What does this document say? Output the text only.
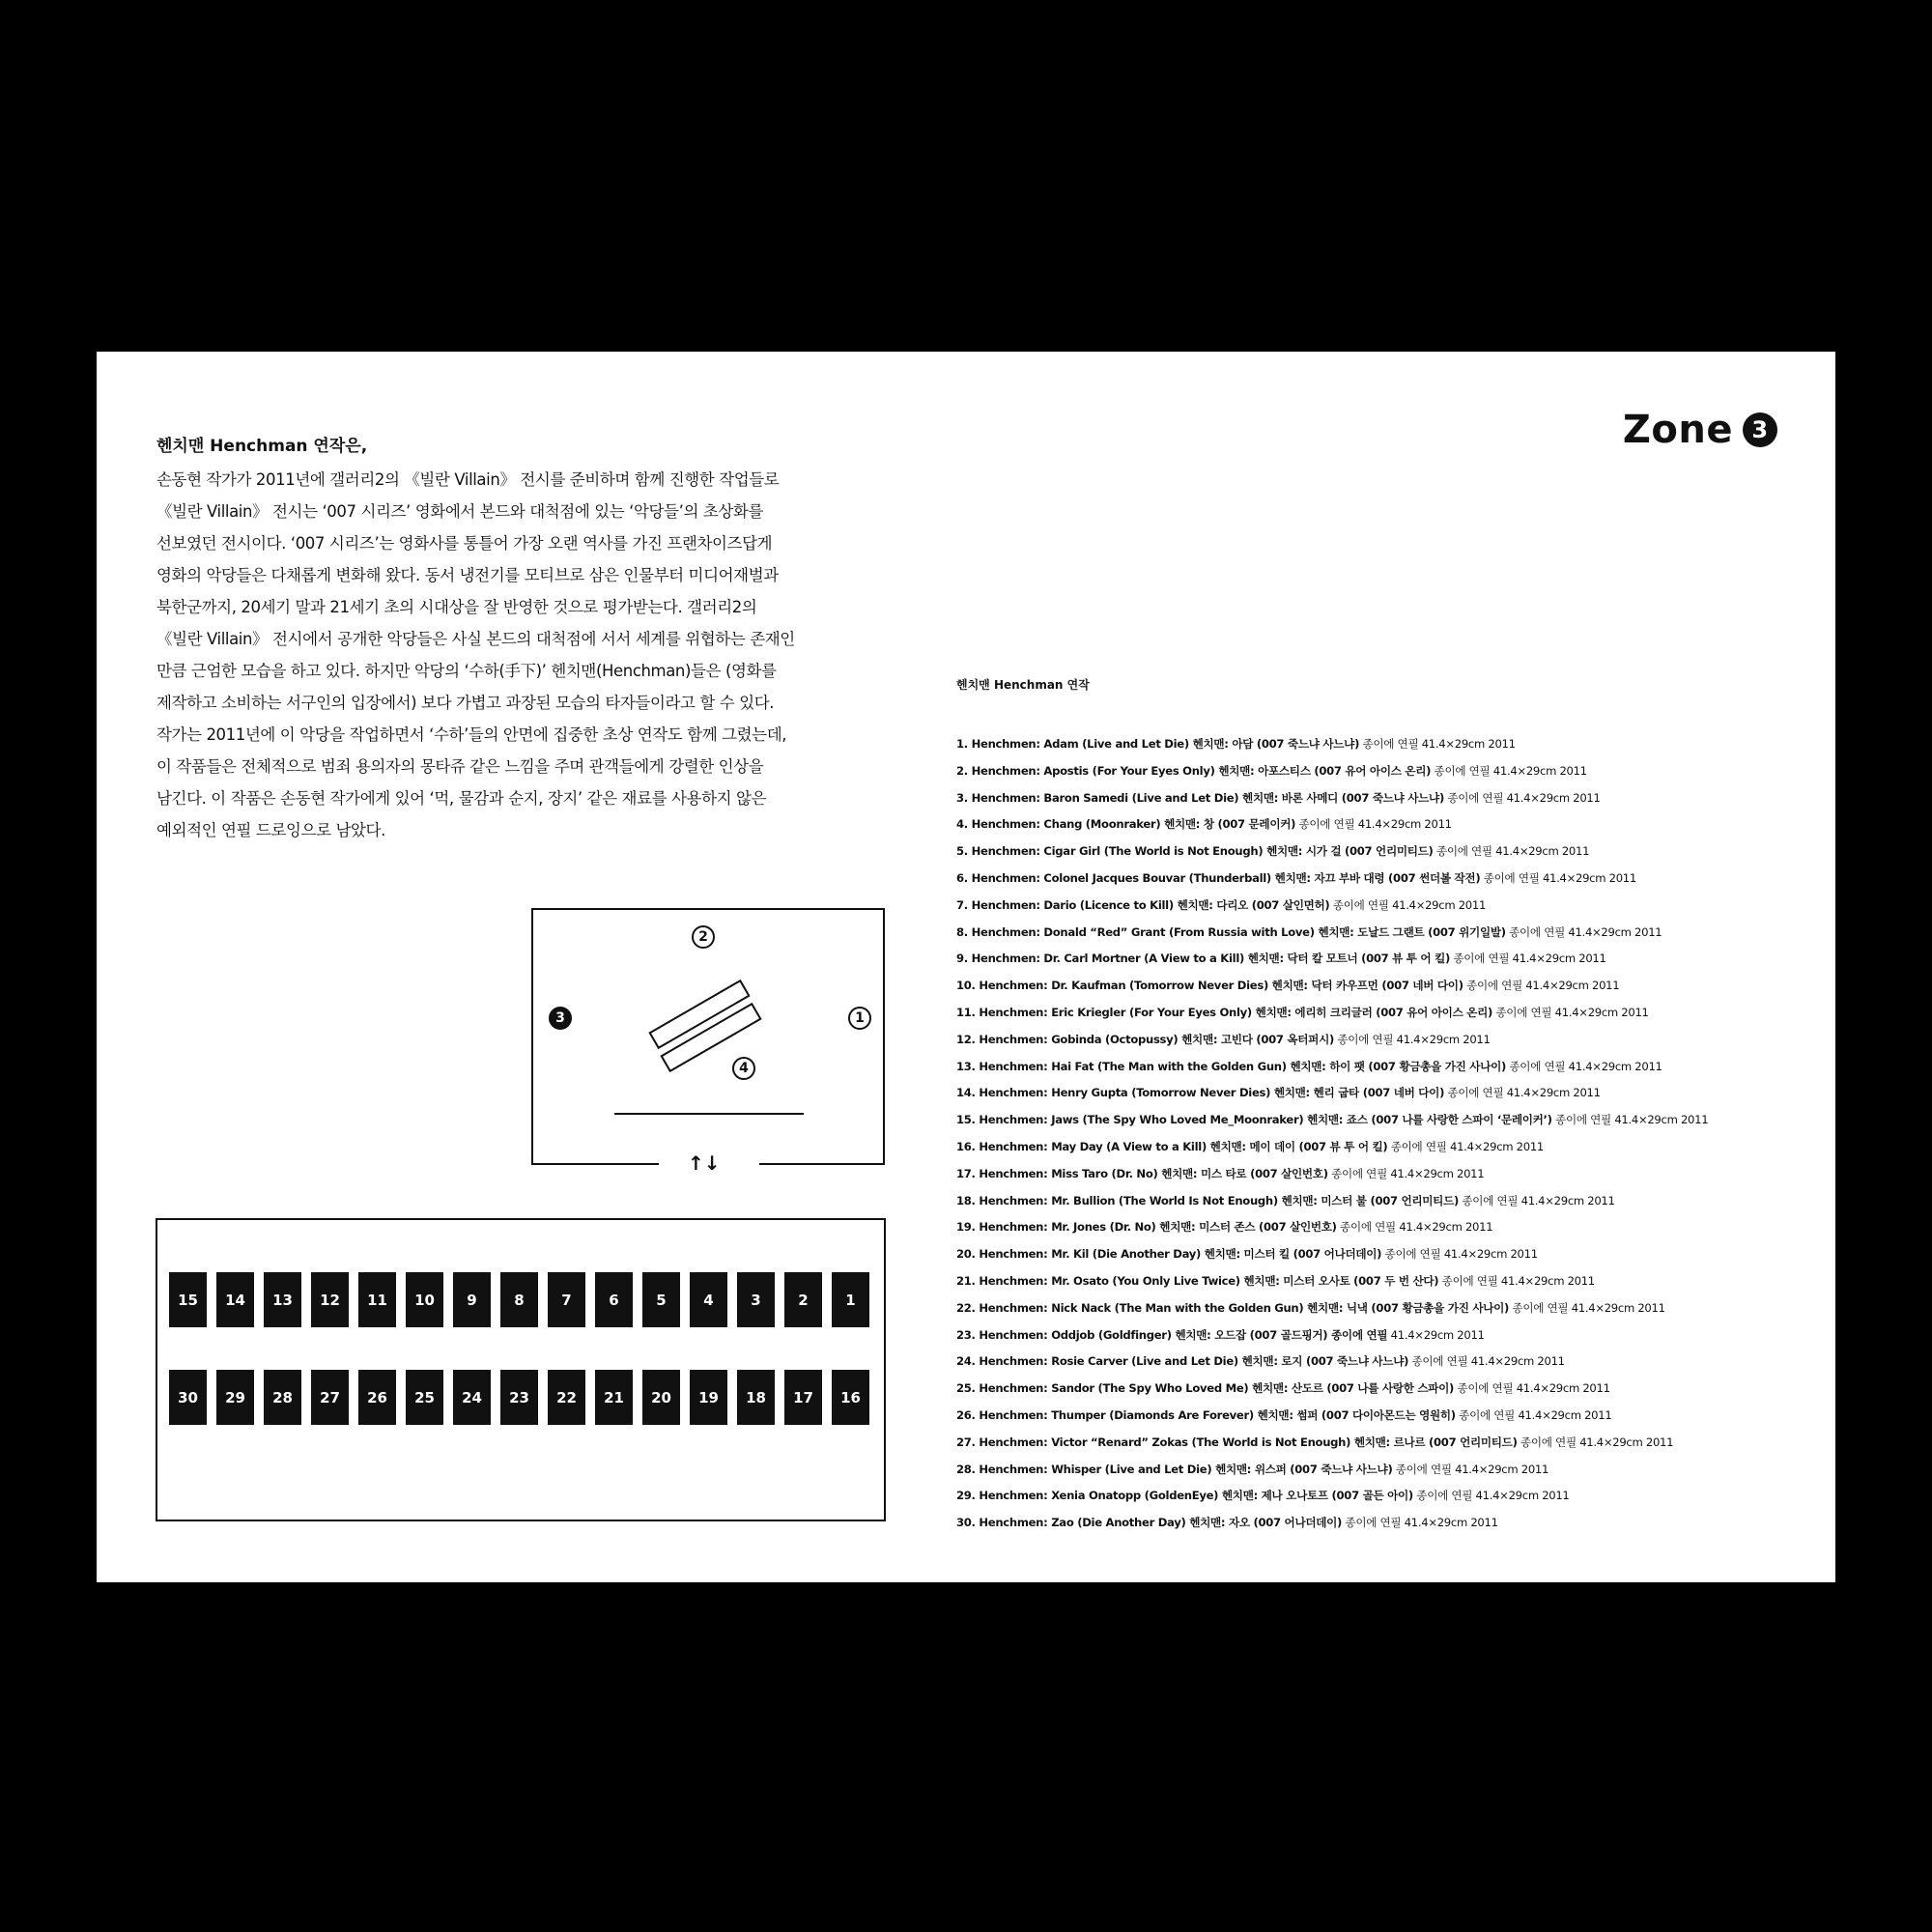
Zone 3
헨치맨 Henchman 연작은,
손동현 작가가 2011년에 갤러리2의 《빌란 Villain》 전시를 준비하며 함께 진행한 작업들로
《빌란 Villain》 전시는 ‘007 시리즈’ 영화에서 본드와 대척점에 있는 ‘악당들’의 초상화를
선보였던 전시이다. ‘007 시리즈’는 영화사를 통틀어 가장 오랜 역사를 가진 프랜차이즈답게
영화의 악당들은 다채롭게 변화해 왔다. 동서 냉전기를 모티브로 삼은 인물부터 미디어재벌과
북한군까지, 20세기 말과 21세기 초의 시대상을 잘 반영한 것으로 평가받는다. 갤러리2의
《빌란 Villain》 전시에서 공개한 악당들은 사실 본드의 대척점에 서서 세계를 위협하는 존재인
만큼 근엄한 모습을 하고 있다. 하지만 악당의 ‘수하(手下)’ 헨치맨(Henchman)들은 (영화를
제작하고 소비하는 서구인의 입장에서) 보다 가볍고 과장된 모습의 타자들이라고 할 수 있다.
작가는 2011년에 이 악당을 작업하면서 ‘수하’들의 안면에 집중한 초상 연작도 함께 그렸는데,
이 작품들은 전체적으로 범죄 용의자의 몽타쥬 같은 느낌을 주며 관객들에게 강렬한 인상을
남긴다. 이 작품은 손동현 작가에게 있어 ‘먹, 물감과 순지, 장지’ 같은 재료를 사용하지 않은
예외적인 연필 드로잉으로 남았다.
2
3	1
4
↑↓
15	14	13	12	11	10	9	8	7	6	5	4	3	2	1
30	29	28	27	26	25	24	23	22	21	20	19	18	17	16
헨치맨 Henchman 연작
1. Henchmen: Adam (Live and Let Die) 헨치맨: 아담 (007 죽느냐 사느냐) 종이에 연필 41.4×29cm 2011
2. Henchmen: Apostis (For Your Eyes Only) 헨치맨: 아포스티스 (007 유어 아이스 온리) 종이에 연필 41.4×29cm 2011
3. Henchmen: Baron Samedi (Live and Let Die) 헨치맨: 바론 사메디 (007 죽느냐 사느냐) 종이에 연필 41.4×29cm 2011
4. Henchmen: Chang (Moonraker) 헨치맨: 창 (007 문레이커) 종이에 연필 41.4×29cm 2011
5. Henchmen: Cigar Girl (The World is Not Enough) 헨치맨: 시가 걸 (007 언리미티드) 종이에 연필 41.4×29cm 2011
6. Henchmen: Colonel Jacques Bouvar (Thunderball) 헨치맨: 자끄 부바 대령 (007 썬더볼 작전) 종이에 연필 41.4×29cm 2011
7. Henchmen: Dario (Licence to Kill) 헨치맨: 다리오 (007 살인면허) 종이에 연필 41.4×29cm 2011
8. Henchmen: Donald “Red” Grant (From Russia with Love) 헨치맨: 도날드 그랜트 (007 위기일발) 종이에 연필 41.4×29cm 2011
9. Henchmen: Dr. Carl Mortner (A View to a Kill) 헨치맨: 닥터 칼 모트너 (007 뷰 투 어 킬) 종이에 연필 41.4×29cm 2011
10. Henchmen: Dr. Kaufman (Tomorrow Never Dies) 헨치맨: 닥터 카우프먼 (007 네버 다이) 종이에 연필 41.4×29cm 2011
11. Henchmen: Eric Kriegler (For Your Eyes Only) 헨치맨: 에리히 크리글러 (007 유어 아이스 온리) 종이에 연필 41.4×29cm 2011
12. Henchmen: Gobinda (Octopussy) 헨치맨: 고빈다 (007 옥터퍼시) 종이에 연필 41.4×29cm 2011
13. Henchmen: Hai Fat (The Man with the Golden Gun) 헨치맨: 하이 팻 (007 황금총을 가진 사나이) 종이에 연필 41.4×29cm 2011
14. Henchmen: Henry Gupta (Tomorrow Never Dies) 헨치맨: 헨리 굽타 (007 네버 다이) 종이에 연필 41.4×29cm 2011
15. Henchmen: Jaws (The Spy Who Loved Me_Moonraker) 헨치맨: 죠스 (007 나를 사랑한 스파이 ‘문레이커’) 종이에 연필 41.4×29cm 2011
16. Henchmen: May Day (A View to a Kill) 헨치맨: 메이 데이 (007 뷰 투 어 킬) 종이에 연필 41.4×29cm 2011
17. Henchmen: Miss Taro (Dr. No) 헨치맨: 미스 타로 (007 살인번호) 종이에 연필 41.4×29cm 2011
18. Henchmen: Mr. Bullion (The World Is Not Enough) 헨치맨: 미스터 불 (007 언리미티드) 종이에 연필 41.4×29cm 2011
19. Henchmen: Mr. Jones (Dr. No) 헨치맨: 미스터 존스 (007 살인번호) 종이에 연필 41.4×29cm 2011
20. Henchmen: Mr. Kil (Die Another Day) 헨치맨: 미스터 킬 (007 어나더데이) 종이에 연필 41.4×29cm 2011
21. Henchmen: Mr. Osato (You Only Live Twice) 헨치맨: 미스터 오사토 (007 두 번 산다) 종이에 연필 41.4×29cm 2011
22. Henchmen: Nick Nack (The Man with the Golden Gun) 헨치맨: 닉낵 (007 황금총을 가진 사나이) 종이에 연필 41.4×29cm 2011
23. Henchmen: Oddjob (Goldfinger) 헨치맨: 오드잡 (007 골드핑거) 종이에 연필 41.4×29cm 2011
24. Henchmen: Rosie Carver (Live and Let Die) 헨치맨: 로지 (007 죽느냐 사느냐) 종이에 연필 41.4×29cm 2011
25. Henchmen: Sandor (The Spy Who Loved Me) 헨치맨: 산도르 (007 나를 사랑한 스파이) 종이에 연필 41.4×29cm 2011
26. Henchmen: Thumper (Diamonds Are Forever) 헨치맨: 썸퍼 (007 다이아몬드는 영원히) 종이에 연필 41.4×29cm 2011
27. Henchmen: Victor “Renard” Zokas (The World is Not Enough) 헨치맨: 르나르 (007 언리미티드) 종이에 연필 41.4×29cm 2011
28. Henchmen: Whisper (Live and Let Die) 헨치맨: 위스퍼 (007 죽느냐 사느냐) 종이에 연필 41.4×29cm 2011
29. Henchmen: Xenia Onatopp (GoldenEye) 헨치맨: 제나 오나토프 (007 골든 아이) 종이에 연필 41.4×29cm 2011
30. Henchmen: Zao (Die Another Day) 헨치맨: 자오 (007 어나더데이) 종이에 연필 41.4×29cm 2011
